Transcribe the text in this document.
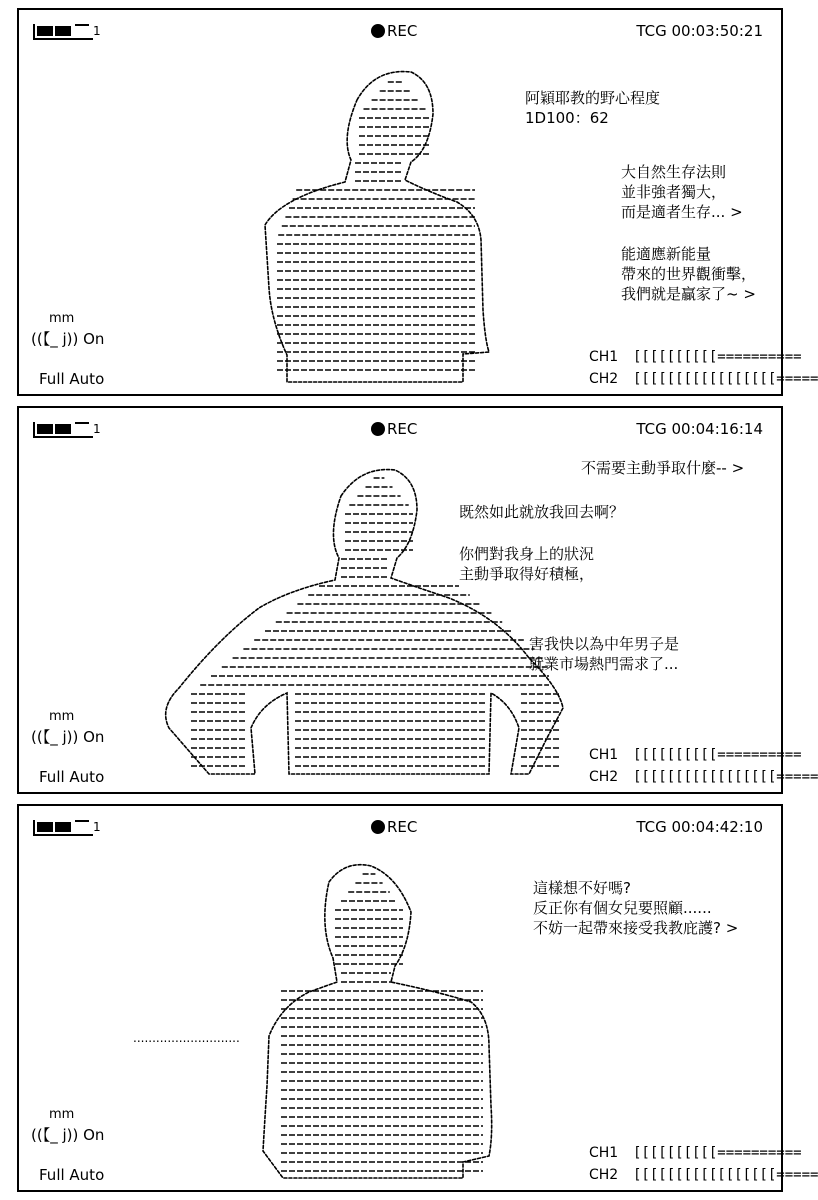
1	REC	TCG 00:03:50:21
阿穎耶教的野心程度
1D100：62
大自然生存法則
並非強者獨大，
而是適者生存... >
能適應新能量
帶來的世界觀衝擊，
我們就是贏家了~ >
mm
((【_ j)) On
Full Auto
CH1 [[[[[[[[[[==========
CH2 [[[[[[[[[[[[[[[[[=====
1	REC	TCG 00:04:16:14
不需要主動爭取什麼-- >
既然如此就放我回去啊？
你們對我身上的狀況
主動爭取得好積極，
害我快以為中年男子是
就業市場熱門需求了...
mm
((【_ j)) On
Full Auto
CH1 [[[[[[[[[[==========
CH2 [[[[[[[[[[[[[[[[[=====
1	REC	TCG 00:04:42:10
這樣想不好嗎?
反正你有個女兒要照顧......
不妨一起帶來接受我教庇護? >
............................
mm
((【_ j)) On
Full Auto
CH1 [[[[[[[[[[==========
CH2 [[[[[[[[[[[[[[[[[=====
